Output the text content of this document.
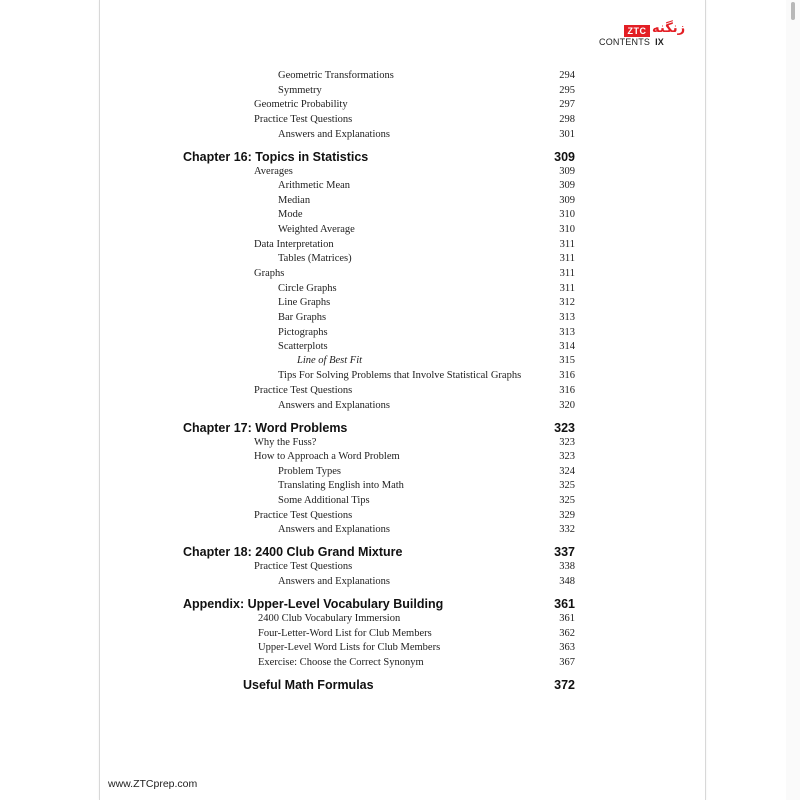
ZTC زنگنه
CONTENTS IX
Geometric Transformations	294
Symmetry	295
Geometric Probability	297
Practice Test Questions	298
Answers and Explanations	301
Chapter 16: Topics in Statistics	309
Averages	309
Arithmetic Mean	309
Median	309
Mode	310
Weighted Average	310
Data Interpretation	311
Tables (Matrices)	311
Graphs	311
Circle Graphs	311
Line Graphs	312
Bar Graphs	313
Pictographs	313
Scatterplots	314
Line of Best Fit	315
Tips For Solving Problems that Involve Statistical Graphs	316
Practice Test Questions	316
Answers and Explanations	320
Chapter 17: Word Problems	323
Why the Fuss?	323
How to Approach a Word Problem	323
Problem Types	324
Translating English into Math	325
Some Additional Tips	325
Practice Test Questions	329
Answers and Explanations	332
Chapter 18: 2400 Club Grand Mixture	337
Practice Test Questions	338
Answers and Explanations	348
Appendix: Upper-Level Vocabulary Building	361
2400 Club Vocabulary Immersion	361
Four-Letter-Word List for Club Members	362
Upper-Level Word Lists for Club Members	363
Exercise: Choose the Correct Synonym	367
Useful Math Formulas	372
www.ZTCprep.com
